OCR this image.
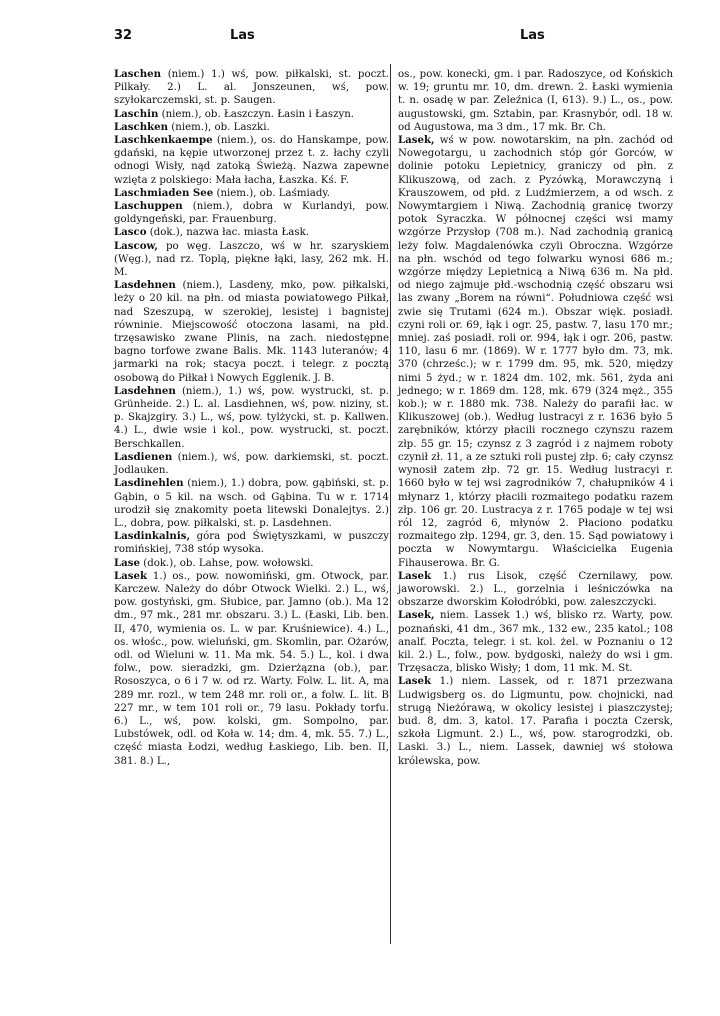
32	Las	Las

Laschen (niem.) 1.) wś, pow. piłkalski, st. poczt. Pilkały. 2.) L. al. Jonszeunen, wś, pow. szyłokarczemski, st. p. Saugen.

Laschin (niem.), ob. Łaszczyn. Łasin i Łaszyn.

Laschken (niem.), ob. Laszki.

Laschkenkaempe (niem.), os. do Hanskampe, pow. gdański, na kępie utworzonej przez t. z. łachy czyli odnogi Wisły, nąd zatoką Świeżą. Nazwa zapewne wzięta z polskiego: Mała łacha, Łaszka. Kś. F.

Laschmiaden See (niem.), ob. Laśmiady.

Laschuppen (niem.), dobra w Kurlandyi, pow. goldyngeński, par. Frauenburg.

Lasco (dok.), nazwa łac. miasta Łask.

Lascow, po węg. Laszczo, wś w hr. szaryskiem (Węg.), nad rz. Toplą, piękne łąki, lasy, 262 mk. H. M.

Lasdehnen (niem.), Lasdeny, mko, pow. piłkalski, leży o 20 kil. na płn. od miasta powiatowego Piłkał, nad Szeszupą, w szerokiej, lesistej i bagnistej równinie. Miejscowość otoczona lasami, na płd. trzęsawisko zwane Plinis, na zach. niedostępne bagno torfowe zwane Balis. Mk. 1143 luteranów; 4 jarmarki na rok; stacya poczt. i telegr. z pocztą osobową do Piłkał i Nowych Egglenik. J. B.

Lasdehnen (niem.), 1.) wś, pow. wystrucki, st. p. Grünheide. 2.) L. al. Lasdiehnen, wś, pow. niziny, st. p. Skajzgiry. 3.) L., wś, pow. tylżycki, st. p. Kallwen. 4.) L., dwie wsie i kol., pow. wystrucki, st. poczt. Berschkallen.

Lasdienen (niem.), wś, pow. darkiemski, st. poczt. Jodlauken.

Lasdinehlen (niem.), 1.) dobra, pow. gąbiński, st. p. Gąbin, o 5 kil. na wsch. od Gąbina. Tu w r. 1714 urodził się znakomity poeta litewski Donalejtys. 2.) L., dobra, pow. piłkalski, st. p. Lasdehnen.

Lasdinkalnis, góra pod Świętyszkami, w puszczy romińskiej, 738 stóp wysoka.

Lase (dok.), ob. Lahse, pow. wołowski.

Lasek 1.) os., pow. nowomiński, gm. Otwock, par. Karczew. Należy do dóbr Otwock Wielki. 2.) L., wś, pow. gostyński, gm. Słubice, par. Jamno (ob.). Ma 12 dm., 97 mk., 281 mr. obszaru. 3.) L. (Łaski, Lib. ben. II, 470, wymienia os. L. w par. Kruśniewice). 4.) L., os. włośc., pow. wieluński, gm. Skomlin, par. Ożarów, odl. od Wieluni w. 11. Ma mk. 54. 5.) L., kol. i dwa folw., pow. sieradzki, gm. Dzierżązna (ob.), par. Rososzyca, o 6 i 7 w. od rz. Warty. Folw. L. lit. A, ma 289 mr. rozl., w tem 248 mr. roli or., a folw. L. lit. B 227 mr., w tem 101 roli or., 79 lasu. Pokłady torfu. 6.) L., wś, pow. kolski, gm. Sompolno, par. Lubstówek, odl. od Koła w. 14; dm. 4, mk. 55. 7.) L., część miasta Łodzi, według Łaskiego, Lib. ben. II, 381. 8.) L.,

os., pow. konecki, gm. i par. Radoszyce, od Końskich w. 19; gruntu mr. 10, dm. drewn. 2. Łaski wymienia t. n. osadę w par. Zeleźnica (I, 613). 9.) L., os., pow. augustowski, gm. Sztabin, par. Krasnybór, odl. 18 w. od Augustowa, ma 3 dm., 17 mk. Br. Ch.

Lasek, wś w pow. nowotarskim, na płn. zachód od Nowegotargu, u zachodnich stóp gór Gorców, w dolinie potoku Lepietnicy, graniczy od płn. z Klikuszową, od zach. z Pyzówką, Morawczyną i Krauszowem, od płd. z Ludźmierzem, a od wsch. z Nowymtargiem i Niwą. Zachodnią granicę tworzy potok Syraczka. W północnej części wsi mamy wzgórze Przysłop (708 m.). Nad zachodnią granicą leży folw. Magdalenówka czyli Obroczna. Wzgórze na płn. wschód od tego folwarku wynosi 686 m.; wzgórze między Lepietnicą a Niwą 636 m. Na płd. od niego zajmuje płd.-wschodnią część obszaru wsi las zwany „Borem na równi“. Południowa część wsi zwie się Trutami (624 m.). Obszar więk. posiadł. czyni roli or. 69, łąk i ogr. 25, pastw. 7, lasu 170 mr.; mniej. zaś posiadł. roli or. 994, łąk i ogr. 206, pastw. 110, lasu 6 mr. (1869). W r. 1777 było dm. 73, mk. 370 (chrześc.); w r. 1799 dm. 95, mk. 520, między nimi 5 żyd.; w r. 1824 dm. 102, mk. 561, żyda ani jednego; w r. 1869 dm. 128, mk. 679 (324 męż., 355 kob.); w r. 1880 mk. 738. Należy do parafii łac. w Klikuszowej (ob.). Według lustracyi z r. 1636 było 5 zarębników, którzy płacili rocznego czynszu razem złp. 55 gr. 15; czynsz z 3 zagród i z najmem roboty czynił zł. 11, a ze sztuki roli pustej złp. 6; cały czynsz wynosił zatem złp. 72 gr. 15. Według lustracyi r. 1660 było w tej wsi zagrodników 7, chałupników 4 i młynarz 1, którzy płacili rozmaitego podatku razem złp. 106 gr. 20. Lustracya z r. 1765 podaje w tej wsi ról 12, zagród 6, młynów 2. Płaciono podatku rozmaitego złp. 1294, gr. 3, den. 15. Sąd powiatowy i poczta w Nowymtargu. Właścicielka Eugenia Fihauserowa. Br. G.

Lasek 1.) rus Lisok, część Czernilawy, pow. jaworowski. 2.) L., gorzelnia i leśniczówka na obszarze dworskim Kołodróbki, pow. zaleszczycki.

Lasek, niem. Lassek 1.) wś, blisko rz. Warty, pow. poznański, 41 dm., 367 mk., 132 ew., 235 katol.; 108 analf. Poczta, telegr. i st. kol. żel. w Poznaniu o 12 kil. 2.) L., folw., pow. bydgoski, należy do wsi i gm. Trzęsacza, blisko Wisły; 1 dom, 11 mk. M. St.

Lasek 1.) niem. Lassek, od r. 1871 przezwana Ludwigsberg os. do Ligmuntu, pow. chojnicki, nad strugą Nieżórawą, w okolicy lesistej i piaszczystej; bud. 8, dm. 3, katol. 17. Parafia i poczta Czersk, szkoła Ligmunt. 2.) L., wś, pow. starogrodzki, ob. Laski. 3.) L., niem. Lassek, dawniej wś stołowa królewska, pow.
